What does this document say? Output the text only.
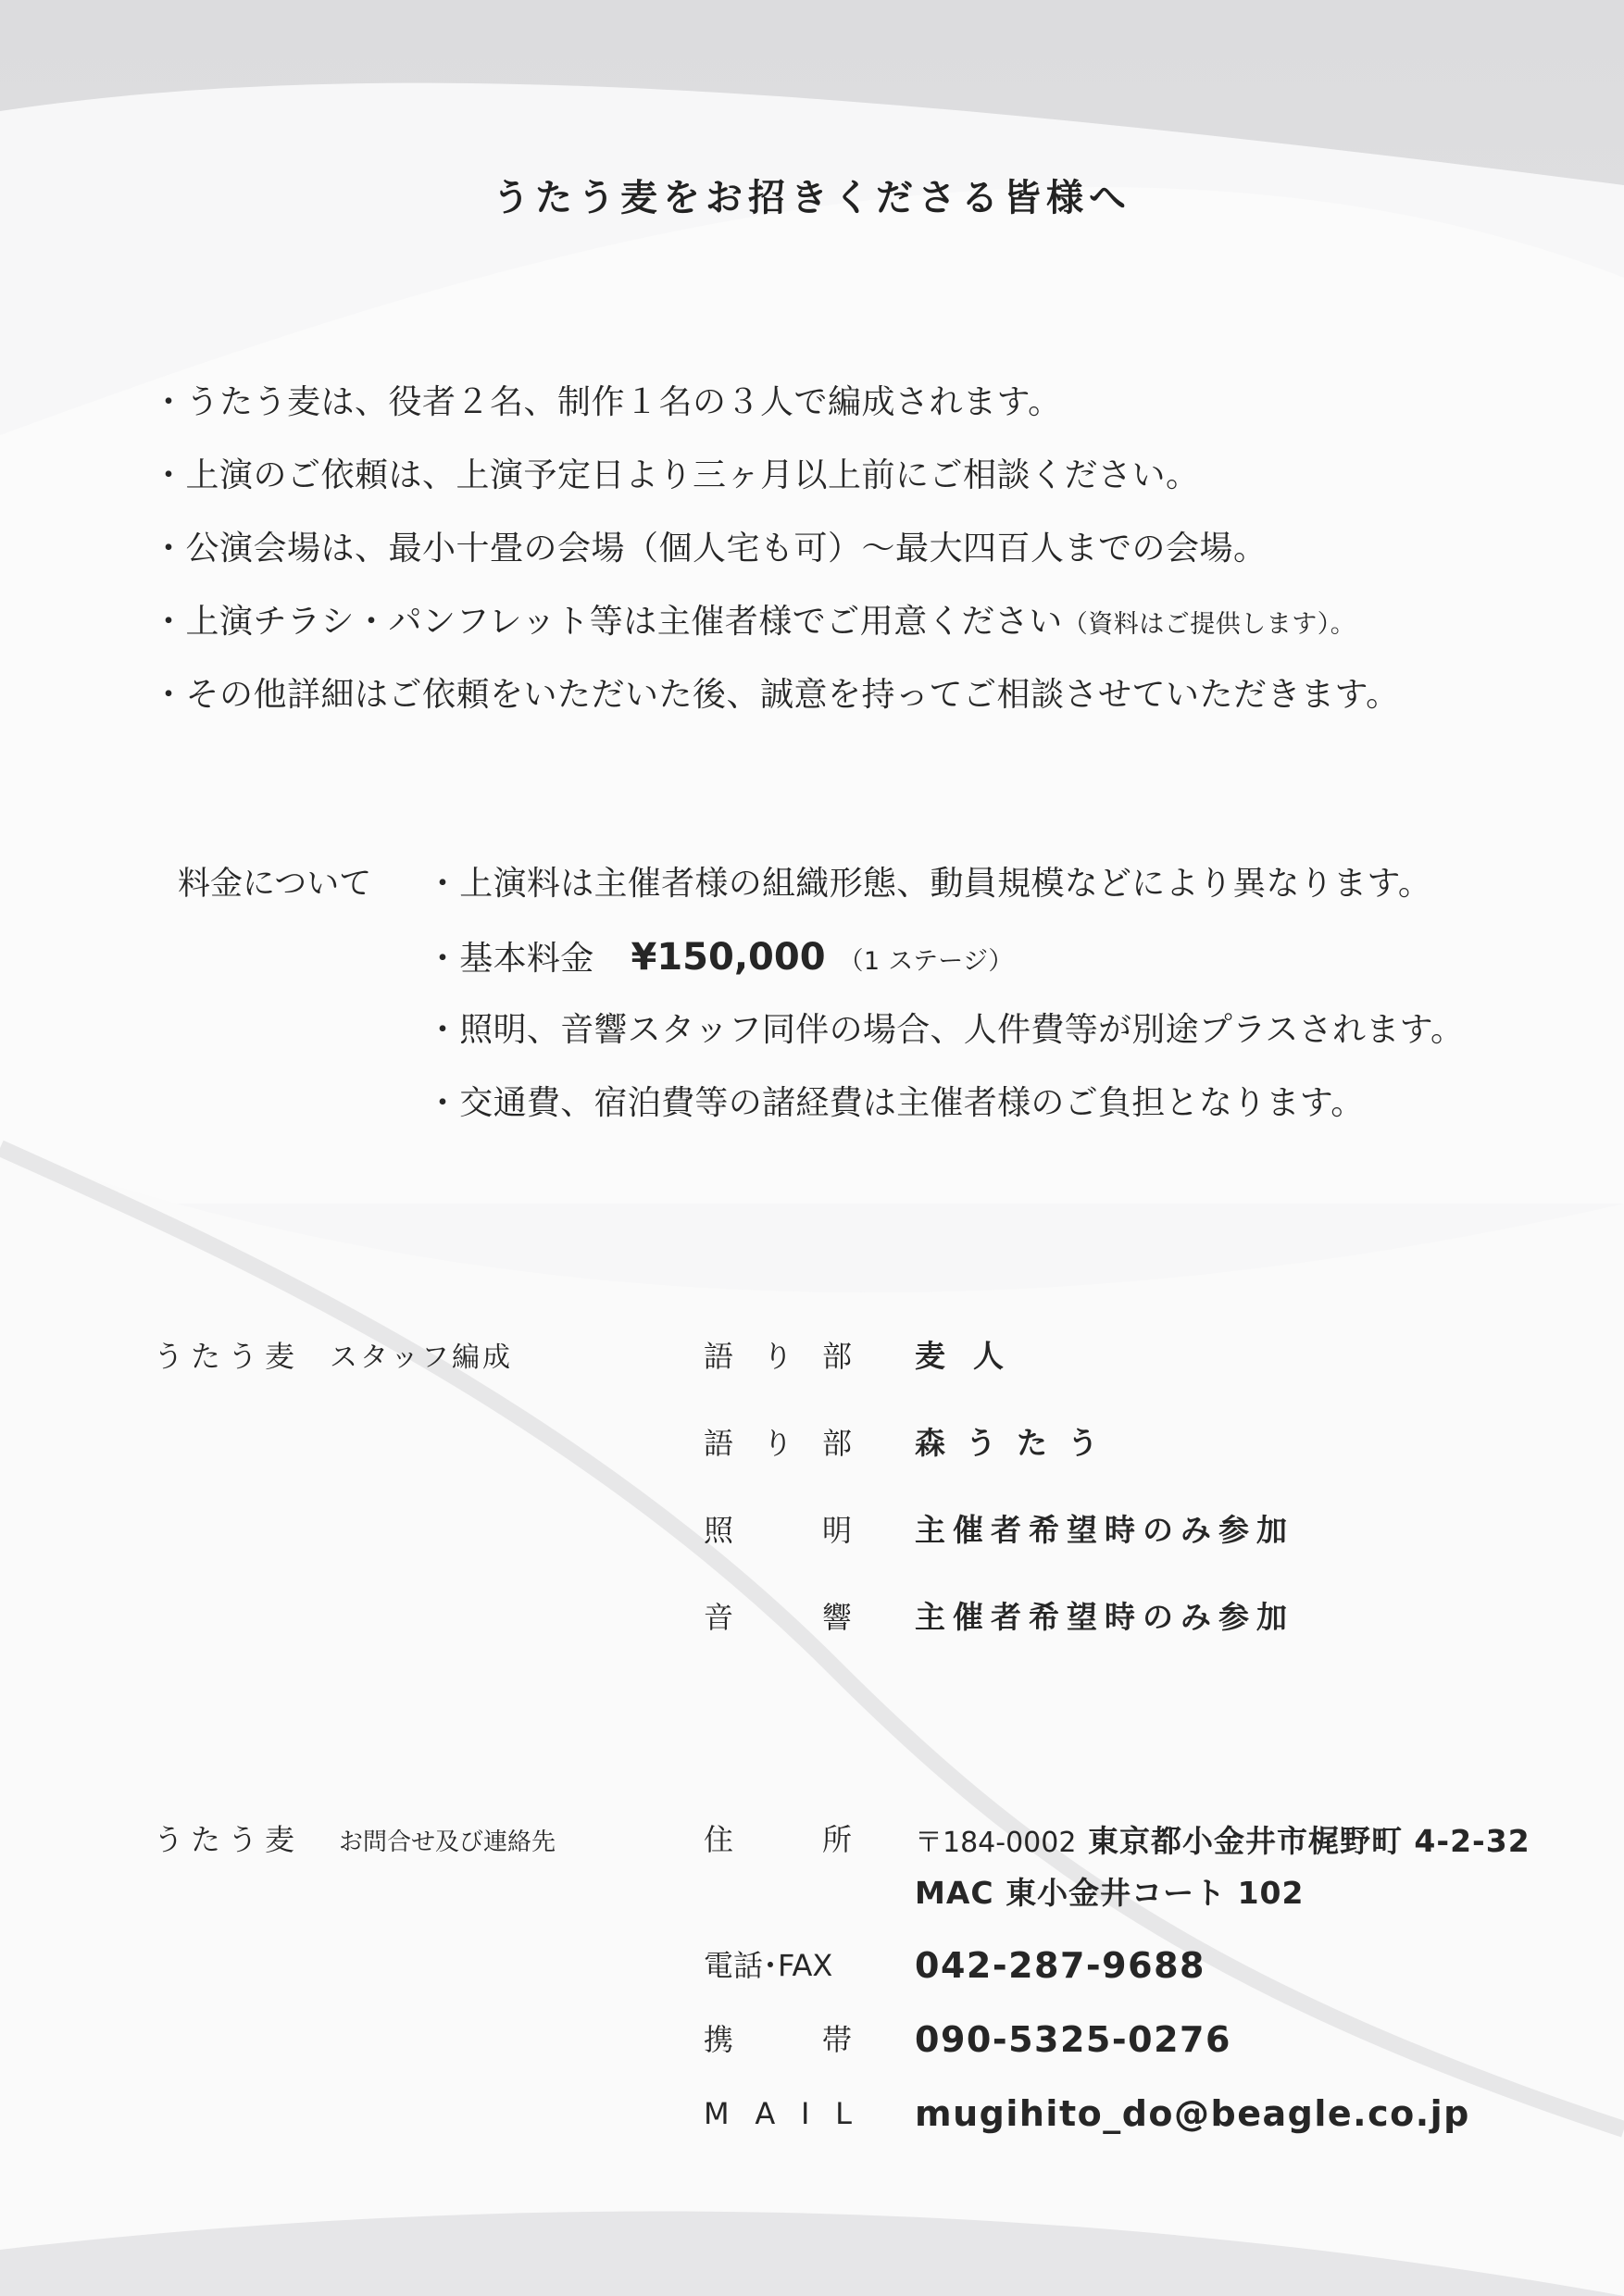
うたう麦をお招きくださる皆様へ
・うたう麦は、役者２名、制作１名の３人で編成されます。
・上演のご依頼は、上演予定日より三ヶ月以上前にご相談ください。
・公演会場は、最小十畳の会場（個人宅も可）〜最大四百人までの会場。
・上演チラシ・パンフレット等は主催者様でご用意ください（資料はご提供します）。
・その他詳細はご依頼をいただいた後、誠意を持ってご相談させていただきます。
料金について ・上演料は主催者様の組織形態、動員規模などにより異なります。
・基本料金 ¥150,000 （1 ステージ）
・照明、音響スタッフ同伴の場合、人件費等が別途プラスされます。
・交通費、宿泊費等の諸経費は主催者様のご負担となります。
うたう麦 スタッフ編成	語 り 部 麦人
語 り 部 森うたう
照	明 主催者希望時のみ参加
音	響 主催者希望時のみ参加
うたう麦 お問合せ及び連絡先	住	所 〒184-0002 東京都小金井市梶野町 4-2-32
MAC 東小金井コート 102
電話･FAX	042-287-9688
携	帯 090-5325-0276
M A I L mugihito_do@beagle.co.jp
